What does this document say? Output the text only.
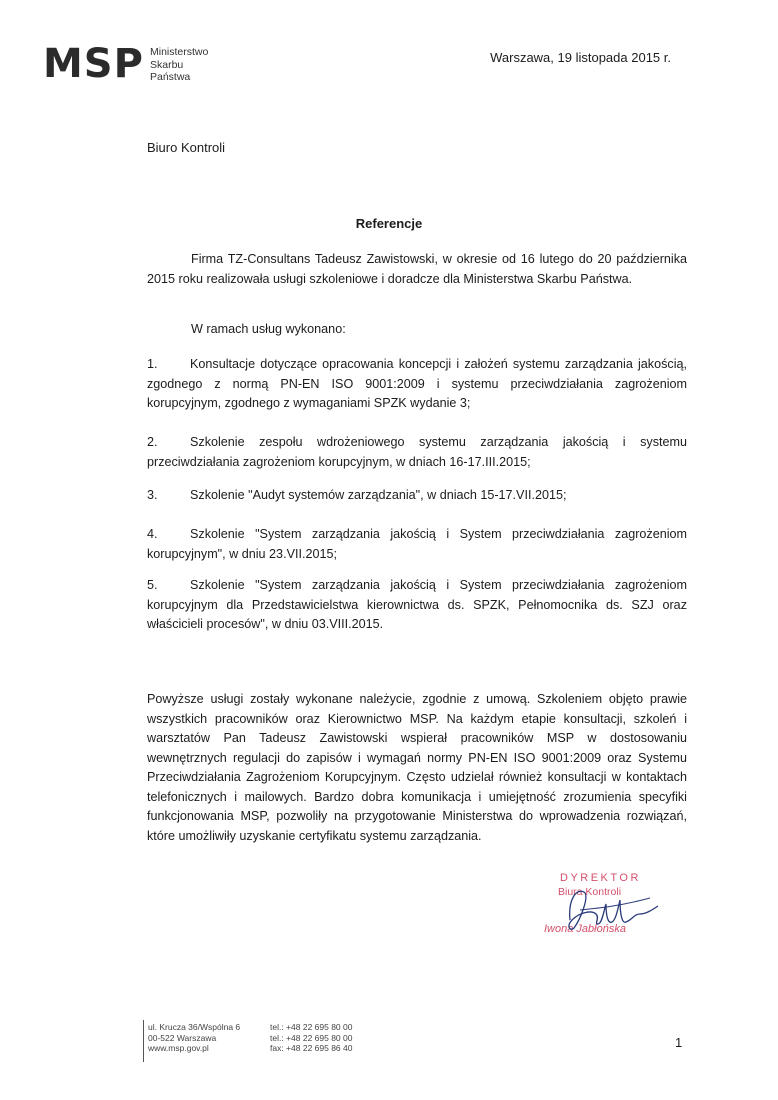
MSP Ministerstwo
Skarbu
Państwa
Warszawa, 19 listopada 2015 r.
Biuro Kontroli
Referencje
Firma TZ-Consultans Tadeusz Zawistowski, w okresie od 16 lutego do 20 października 2015 roku realizowała usługi szkoleniowe i doradcze dla Ministerstwa Skarbu Państwa.
W ramach usług wykonano:
1.	Konsultacje dotyczące opracowania koncepcji i założeń systemu zarządzania jakością, zgodnego z normą PN-EN ISO 9001:2009 i systemu przeciwdziałania zagrożeniom korupcyjnym, zgodnego z wymaganiami SPZK wydanie 3;
2.	Szkolenie zespołu wdrożeniowego systemu zarządzania jakością i systemu przeciwdziałania zagrożeniom korupcyjnym, w dniach 16-17.III.2015;
3.	Szkolenie "Audyt systemów zarządzania", w dniach 15-17.VII.2015;
4.	Szkolenie "System zarządzania jakością i System przeciwdziałania zagrożeniom korupcyjnym", w dniu 23.VII.2015;
5.	Szkolenie "System zarządzania jakością i System przeciwdziałania zagrożeniom korupcyjnym dla Przedstawicielstwa kierownictwa ds. SPZK, Pełnomocnika ds. SZJ oraz właścicieli procesów", w dniu 03.VIII.2015.
Powyższe usługi zostały wykonane należycie, zgodnie z umową. Szkoleniem objęto prawie wszystkich pracowników oraz Kierownictwo MSP. Na każdym etapie konsultacji, szkoleń i warsztatów Pan Tadeusz Zawistowski wspierał pracowników MSP w dostosowaniu wewnętrznych regulacji do zapisów i wymagań normy PN-EN ISO 9001:2009 oraz Systemu Przeciwdziałania Zagrożeniom Korupcyjnym. Często udzielał również konsultacji w kontaktach telefonicznych i mailowych. Bardzo dobra komunikacja i umiejętność zrozumienia specyfiki funkcjonowania MSP, pozwoliły na przygotowanie Ministerstwa do wprowadzenia rozwiązań, które umożliwiły uzyskanie certyfikatu systemu zarządzania.
DYREKTOR
Biura Kontroli
Iwona Jabłońska
ul. Krucza 36/Wspólna 6
00-522 Warszawa
www.msp.gov.pl
tel.: +48 22 695 80 00
tel.: +48 22 695 80 00
fax: +48 22 695 86 40	1
